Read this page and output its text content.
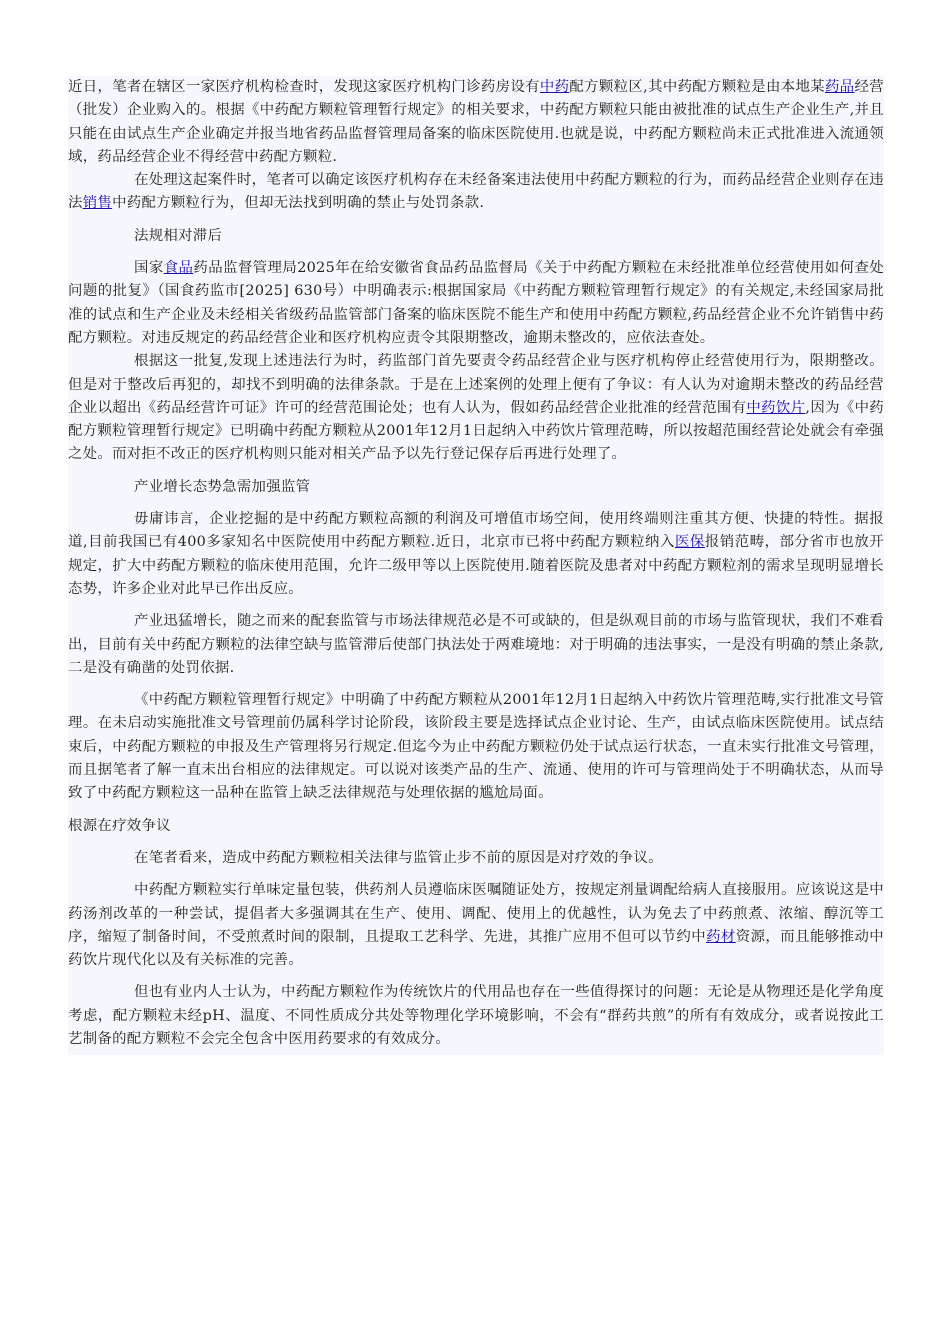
近日，笔者在辖区一家医疗机构检查时，发现这家医疗机构门诊药房设有中药配方颗粒区,其中药配方颗粒是由本地某药品经营（批发）企业购入的。根据《中药配方颗粒管理暂行规定》的相关要求，中药配方颗粒只能由被批准的试点生产企业生产,并且只能在由试点生产企业确定并报当地省药品监督管理局备案的临床医院使用.也就是说，中药配方颗粒尚未正式批准进入流通领域，药品经营企业不得经营中药配方颗粒.

在处理这起案件时，笔者可以确定该医疗机构存在未经备案违法使用中药配方颗粒的行为，而药品经营企业则存在违法销售中药配方颗粒行为，但却无法找到明确的禁止与处罚条款.

法规相对滞后

国家食品药品监督管理局2025年在给安徽省食品药品监督局《关于中药配方颗粒在未经批准单位经营使用如何查处问题的批复》（国食药监市[2025] 630号）中明确表示:根据国家局《中药配方颗粒管理暂行规定》的有关规定,未经国家局批准的试点和生产企业及未经相关省级药品监管部门备案的临床医院不能生产和使用中药配方颗粒,药品经营企业不允许销售中药配方颗粒。对违反规定的药品经营企业和医疗机构应责令其限期整改，逾期未整改的，应依法查处。

根据这一批复,发现上述违法行为时，药监部门首先要责令药品经营企业与医疗机构停止经营使用行为，限期整改。但是对于整改后再犯的，却找不到明确的法律条款。于是在上述案例的处理上便有了争议：有人认为对逾期未整改的药品经营企业以超出《药品经营许可证》许可的经营范围论处；也有人认为，假如药品经营企业批准的经营范围有中药饮片,因为《中药配方颗粒管理暂行规定》已明确中药配方颗粒从2001年12月1日起纳入中药饮片管理范畴，所以按超范围经营论处就会有牵强之处。而对拒不改正的医疗机构则只能对相关产品予以先行登记保存后再进行处理了。

产业增长态势急需加强监管

毋庸讳言，企业挖掘的是中药配方颗粒高额的利润及可增值市场空间，使用终端则注重其方便、快捷的特性。据报道,目前我国已有400多家知名中医院使用中药配方颗粒.近日，北京市已将中药配方颗粒纳入医保报销范畴，部分省市也放开规定，扩大中药配方颗粒的临床使用范围，允许二级甲等以上医院使用.随着医院及患者对中药配方颗粒剂的需求呈现明显增长态势，许多企业对此早已作出反应。

产业迅猛增长，随之而来的配套监管与市场法律规范必是不可或缺的，但是纵观目前的市场与监管现状，我们不难看出，目前有关中药配方颗粒的法律空缺与监管滞后使部门执法处于两难境地：对于明确的违法事实，一是没有明确的禁止条款,二是没有确凿的处罚依据.

《中药配方颗粒管理暂行规定》中明确了中药配方颗粒从2001年12月1日起纳入中药饮片管理范畴,实行批准文号管理。在未启动实施批准文号管理前仍属科学讨论阶段，该阶段主要是选择试点企业讨论、生产，由试点临床医院使用。试点结束后，中药配方颗粒的申报及生产管理将另行规定.但迄今为止中药配方颗粒仍处于试点运行状态，一直未实行批准文号管理，而且据笔者了解一直未出台相应的法律规定。可以说对该类产品的生产、流通、使用的许可与管理尚处于不明确状态，从而导致了中药配方颗粒这一品种在监管上缺乏法律规范与处理依据的尴尬局面。

根源在疗效争议

在笔者看来，造成中药配方颗粒相关法律与监管止步不前的原因是对疗效的争议。

中药配方颗粒实行单味定量包装，供药剂人员遵临床医嘱随证处方，按规定剂量调配给病人直接服用。应该说这是中药汤剂改革的一种尝试，提倡者大多强调其在生产、使用、调配、使用上的优越性，认为免去了中药煎煮、浓缩、醇沉等工序，缩短了制备时间，不受煎煮时间的限制，且提取工艺科学、先进，其推广应用不但可以节约中药材资源，而且能够推动中药饮片现代化以及有关标准的完善。

但也有业内人士认为，中药配方颗粒作为传统饮片的代用品也存在一些值得探讨的问题：无论是从物理还是化学角度考虑，配方颗粒未经pH、温度、不同性质成分共处等物理化学环境影响，不会有“群药共煎”的所有有效成分，或者说按此工艺制备的配方颗粒不会完全包含中医用药要求的有效成分。
